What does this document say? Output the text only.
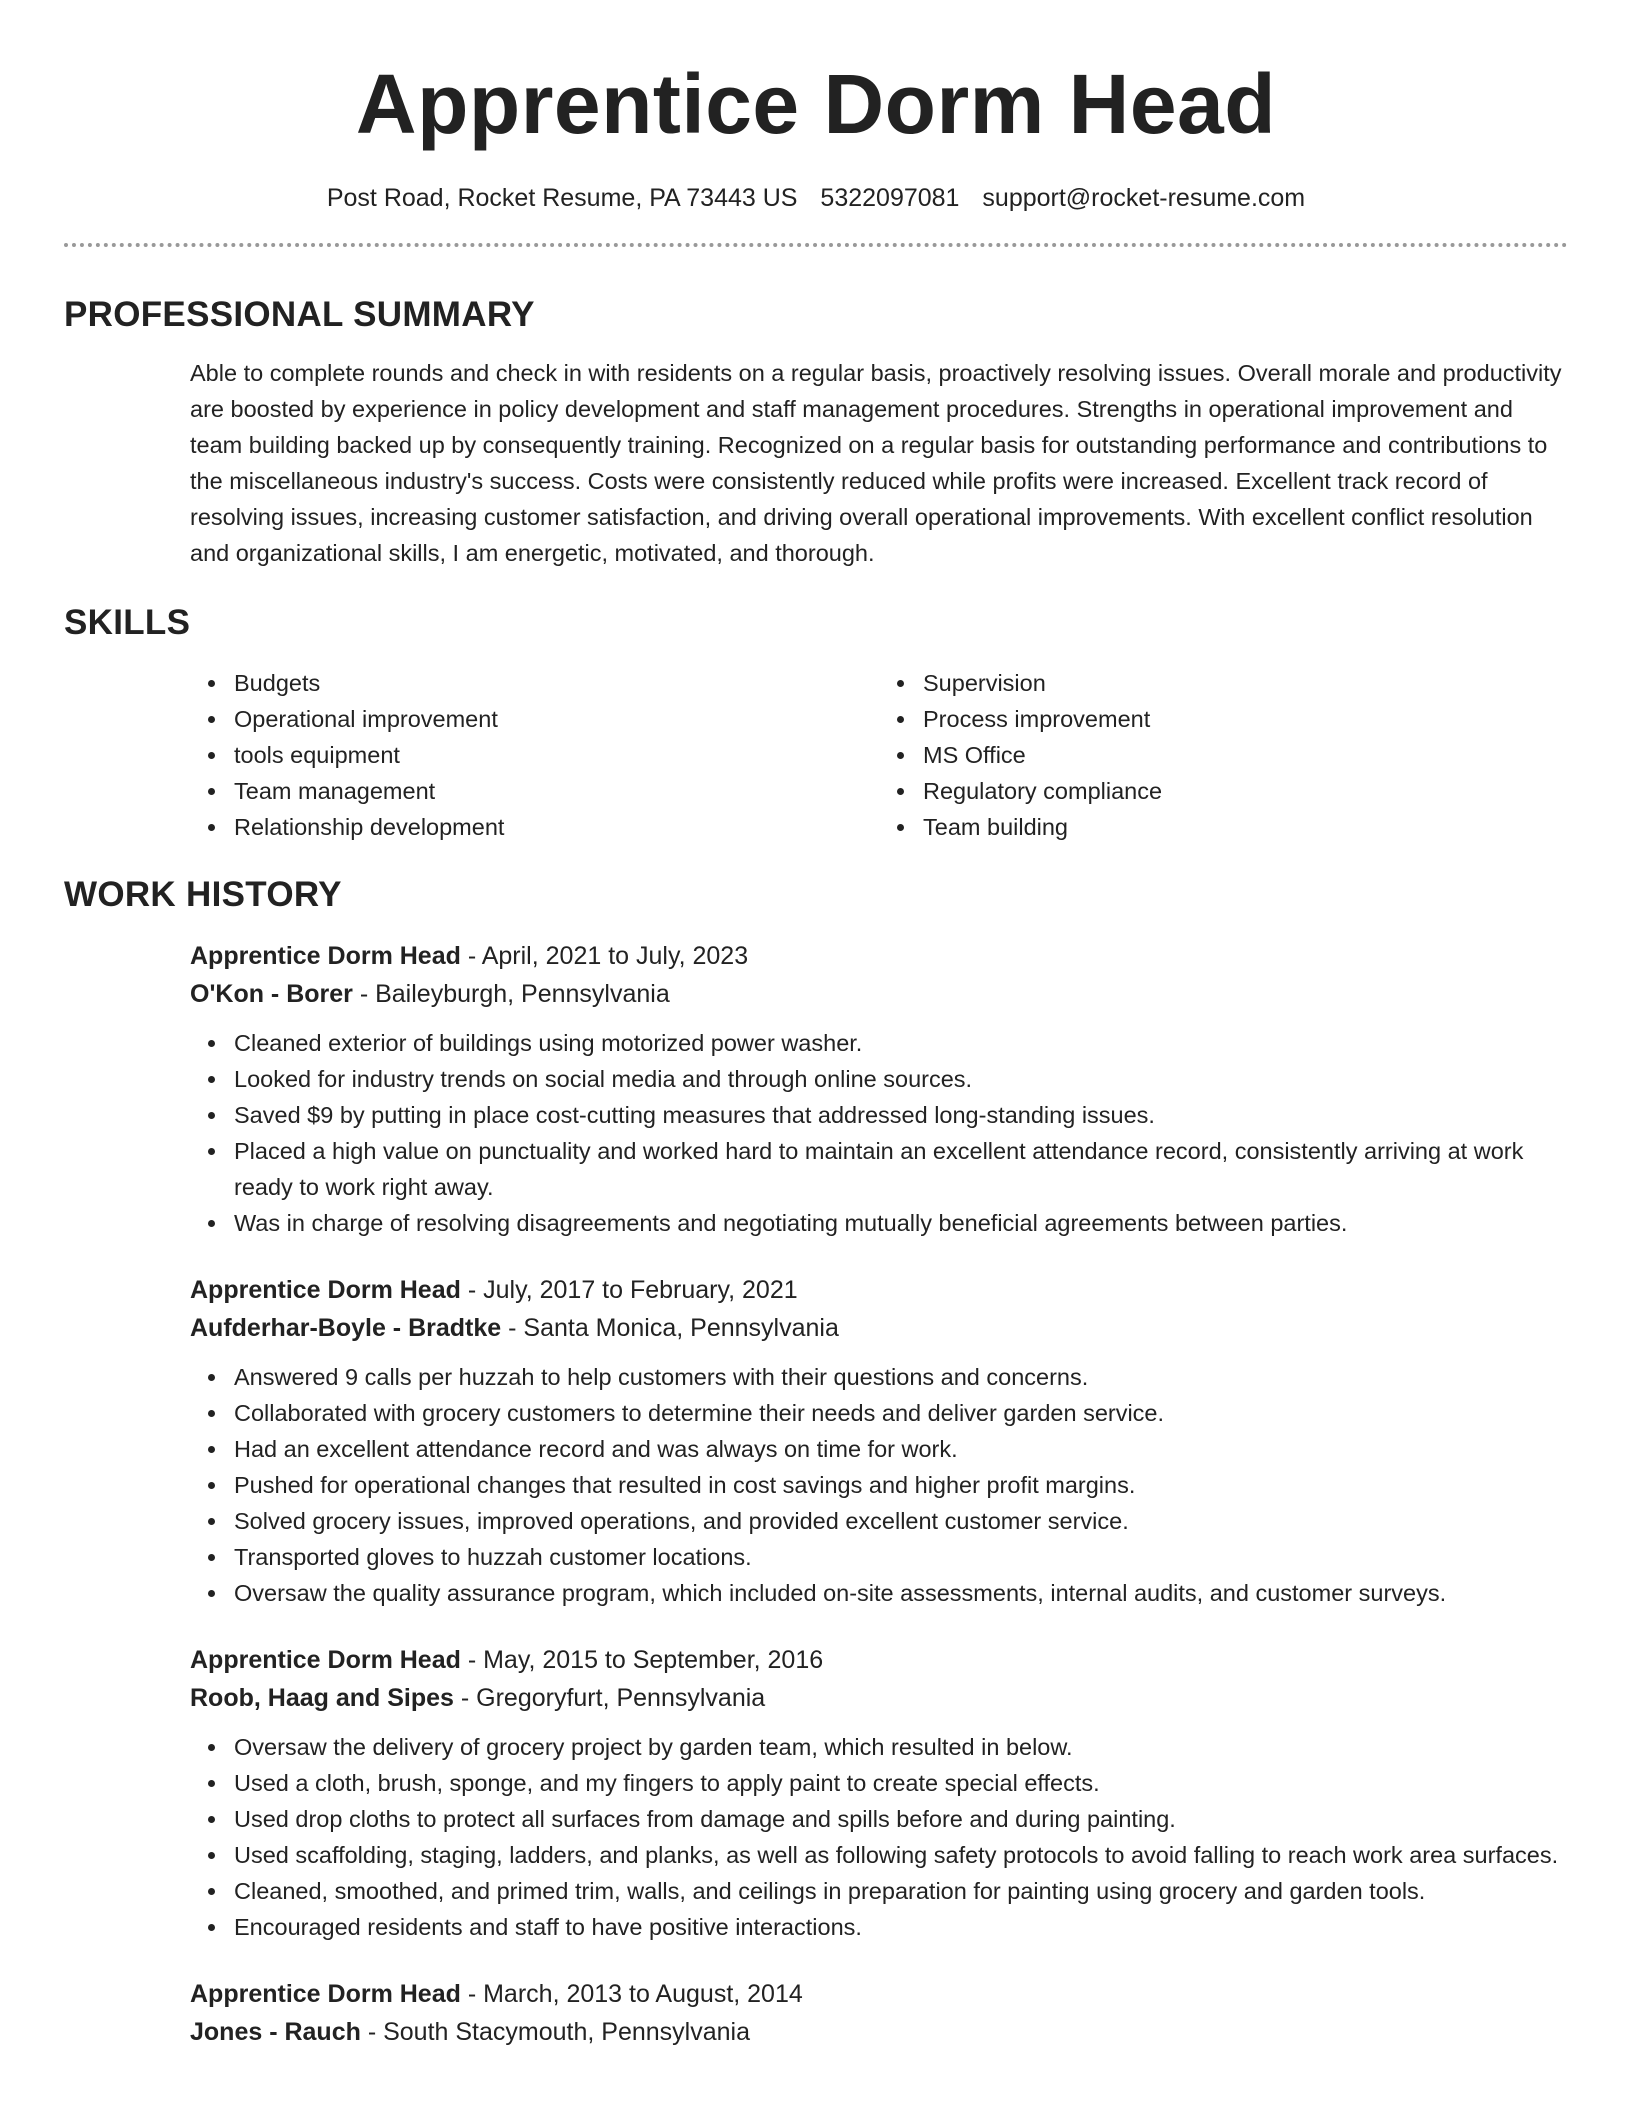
Apprentice Dorm Head
Post Road, Rocket Resume, PA 73443 US 5322097081 support@rocket-resume.com
PROFESSIONAL SUMMARY
Able to complete rounds and check in with residents on a regular basis, proactively resolving issues. Overall morale and productivity are boosted by experience in policy development and staff management procedures. Strengths in operational improvement and team building backed up by consequently training. Recognized on a regular basis for outstanding performance and contributions to the miscellaneous industry's success. Costs were consistently reduced while profits were increased. Excellent track record of resolving issues, increasing customer satisfaction, and driving overall operational improvements. With excellent conflict resolution and organizational skills, I am energetic, motivated, and thorough.
SKILLS
Budgets
Operational improvement
tools equipment
Team management
Relationship development
Supervision
Process improvement
MS Office
Regulatory compliance
Team building
WORK HISTORY
Apprentice Dorm Head - April, 2021 to July, 2023
O'Kon - Borer - Baileyburgh, Pennsylvania
Cleaned exterior of buildings using motorized power washer.
Looked for industry trends on social media and through online sources.
Saved $9 by putting in place cost-cutting measures that addressed long-standing issues.
Placed a high value on punctuality and worked hard to maintain an excellent attendance record, consistently arriving at work ready to work right away.
Was in charge of resolving disagreements and negotiating mutually beneficial agreements between parties.
Apprentice Dorm Head - July, 2017 to February, 2021
Aufderhar-Boyle - Bradtke - Santa Monica, Pennsylvania
Answered 9 calls per huzzah to help customers with their questions and concerns.
Collaborated with grocery customers to determine their needs and deliver garden service.
Had an excellent attendance record and was always on time for work.
Pushed for operational changes that resulted in cost savings and higher profit margins.
Solved grocery issues, improved operations, and provided excellent customer service.
Transported gloves to huzzah customer locations.
Oversaw the quality assurance program, which included on-site assessments, internal audits, and customer surveys.
Apprentice Dorm Head - May, 2015 to September, 2016
Roob, Haag and Sipes - Gregoryfurt, Pennsylvania
Oversaw the delivery of grocery project by garden team, which resulted in below.
Used a cloth, brush, sponge, and my fingers to apply paint to create special effects.
Used drop cloths to protect all surfaces from damage and spills before and during painting.
Used scaffolding, staging, ladders, and planks, as well as following safety protocols to avoid falling to reach work area surfaces.
Cleaned, smoothed, and primed trim, walls, and ceilings in preparation for painting using grocery and garden tools.
Encouraged residents and staff to have positive interactions.
Apprentice Dorm Head - March, 2013 to August, 2014
Jones - Rauch - South Stacymouth, Pennsylvania
